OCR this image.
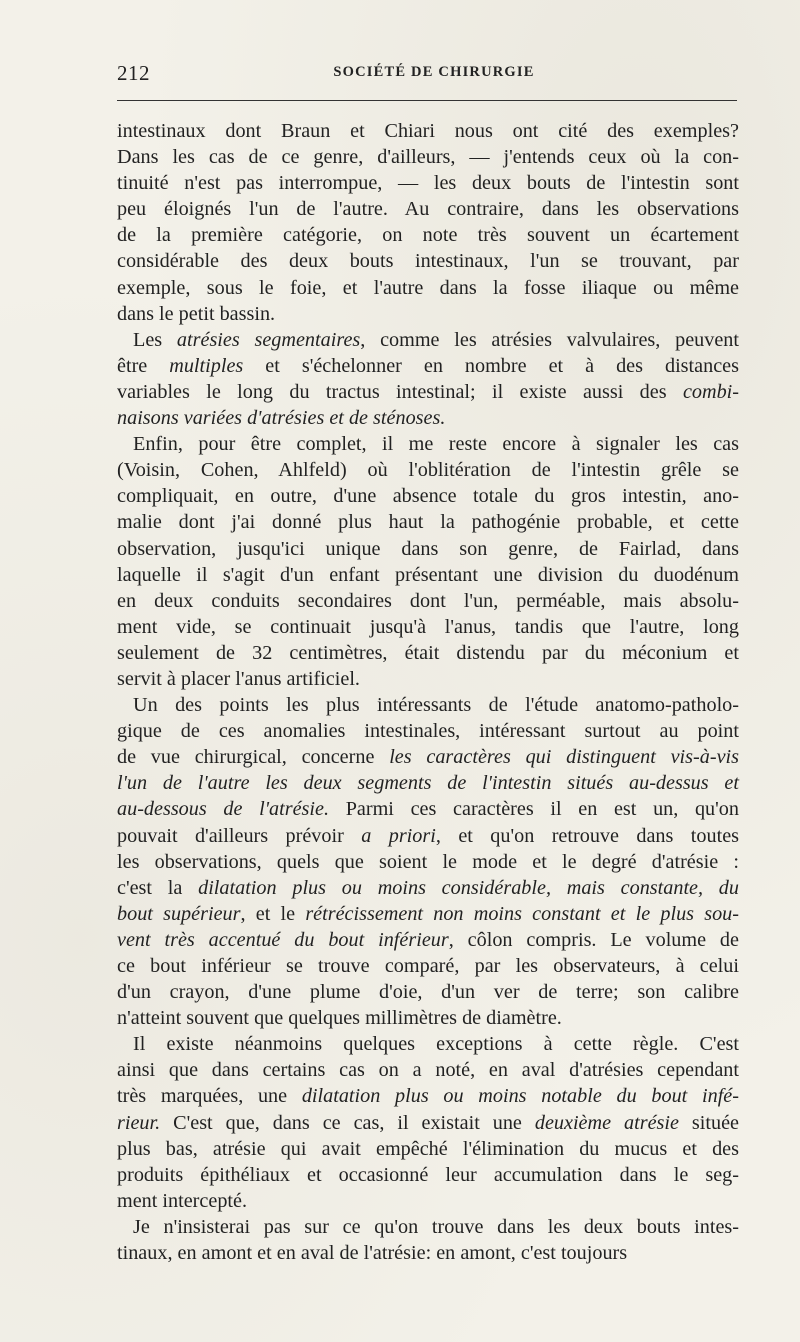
212	SOCIÉTÉ DE CHIRURGIE
intestinaux dont Braun et Chiari nous ont cité des exemples?
Dans les cas de ce genre, d'ailleurs, — j'entends ceux où la con-
tinuité n'est pas interrompue, — les deux bouts de l'intestin sont
peu éloignés l'un de l'autre. Au contraire, dans les observations
de la première catégorie, on note très souvent un écartement
considérable des deux bouts intestinaux, l'un se trouvant, par
exemple, sous le foie, et l'autre dans la fosse iliaque ou même
dans le petit bassin.
Les atrésies segmentaires, comme les atrésies valvulaires, peuvent
être multiples et s'échelonner en nombre et à des distances
variables le long du tractus intestinal; il existe aussi des combi-
naisons variées d'atrésies et de sténoses.
Enfin, pour être complet, il me reste encore à signaler les cas
(Voisin, Cohen, Ahlfeld) où l'oblitération de l'intestin grêle se
compliquait, en outre, d'une absence totale du gros intestin, ano-
malie dont j'ai donné plus haut la pathogénie probable, et cette
observation, jusqu'ici unique dans son genre, de Fairlad, dans
laquelle il s'agit d'un enfant présentant une division du duodénum
en deux conduits secondaires dont l'un, perméable, mais absolu-
ment vide, se continuait jusqu'à l'anus, tandis que l'autre, long
seulement de 32 centimètres, était distendu par du méconium et
servit à placer l'anus artificiel.
Un des points les plus intéressants de l'étude anatomo-patholo-
gique de ces anomalies intestinales, intéressant surtout au point
de vue chirurgical, concerne les caractères qui distinguent vis-à-vis
l'un de l'autre les deux segments de l'intestin situés au-dessus et
au-dessous de l'atrésie. Parmi ces caractères il en est un, qu'on
pouvait d'ailleurs prévoir a priori, et qu'on retrouve dans toutes
les observations, quels que soient le mode et le degré d'atrésie :
c'est la dilatation plus ou moins considérable, mais constante, du
bout supérieur, et le rétrécissement non moins constant et le plus sou-
vent très accentué du bout inférieur, côlon compris. Le volume de
ce bout inférieur se trouve comparé, par les observateurs, à celui
d'un crayon, d'une plume d'oie, d'un ver de terre; son calibre
n'atteint souvent que quelques millimètres de diamètre.
Il existe néanmoins quelques exceptions à cette règle. C'est
ainsi que dans certains cas on a noté, en aval d'atrésies cependant
très marquées, une dilatation plus ou moins notable du bout infé-
rieur. C'est que, dans ce cas, il existait une deuxième atrésie située
plus bas, atrésie qui avait empêché l'élimination du mucus et des
produits épithéliaux et occasionné leur accumulation dans le seg-
ment intercepté.
Je n'insisterai pas sur ce qu'on trouve dans les deux bouts intes-
tinaux, en amont et en aval de l'atrésie: en amont, c'est toujours
